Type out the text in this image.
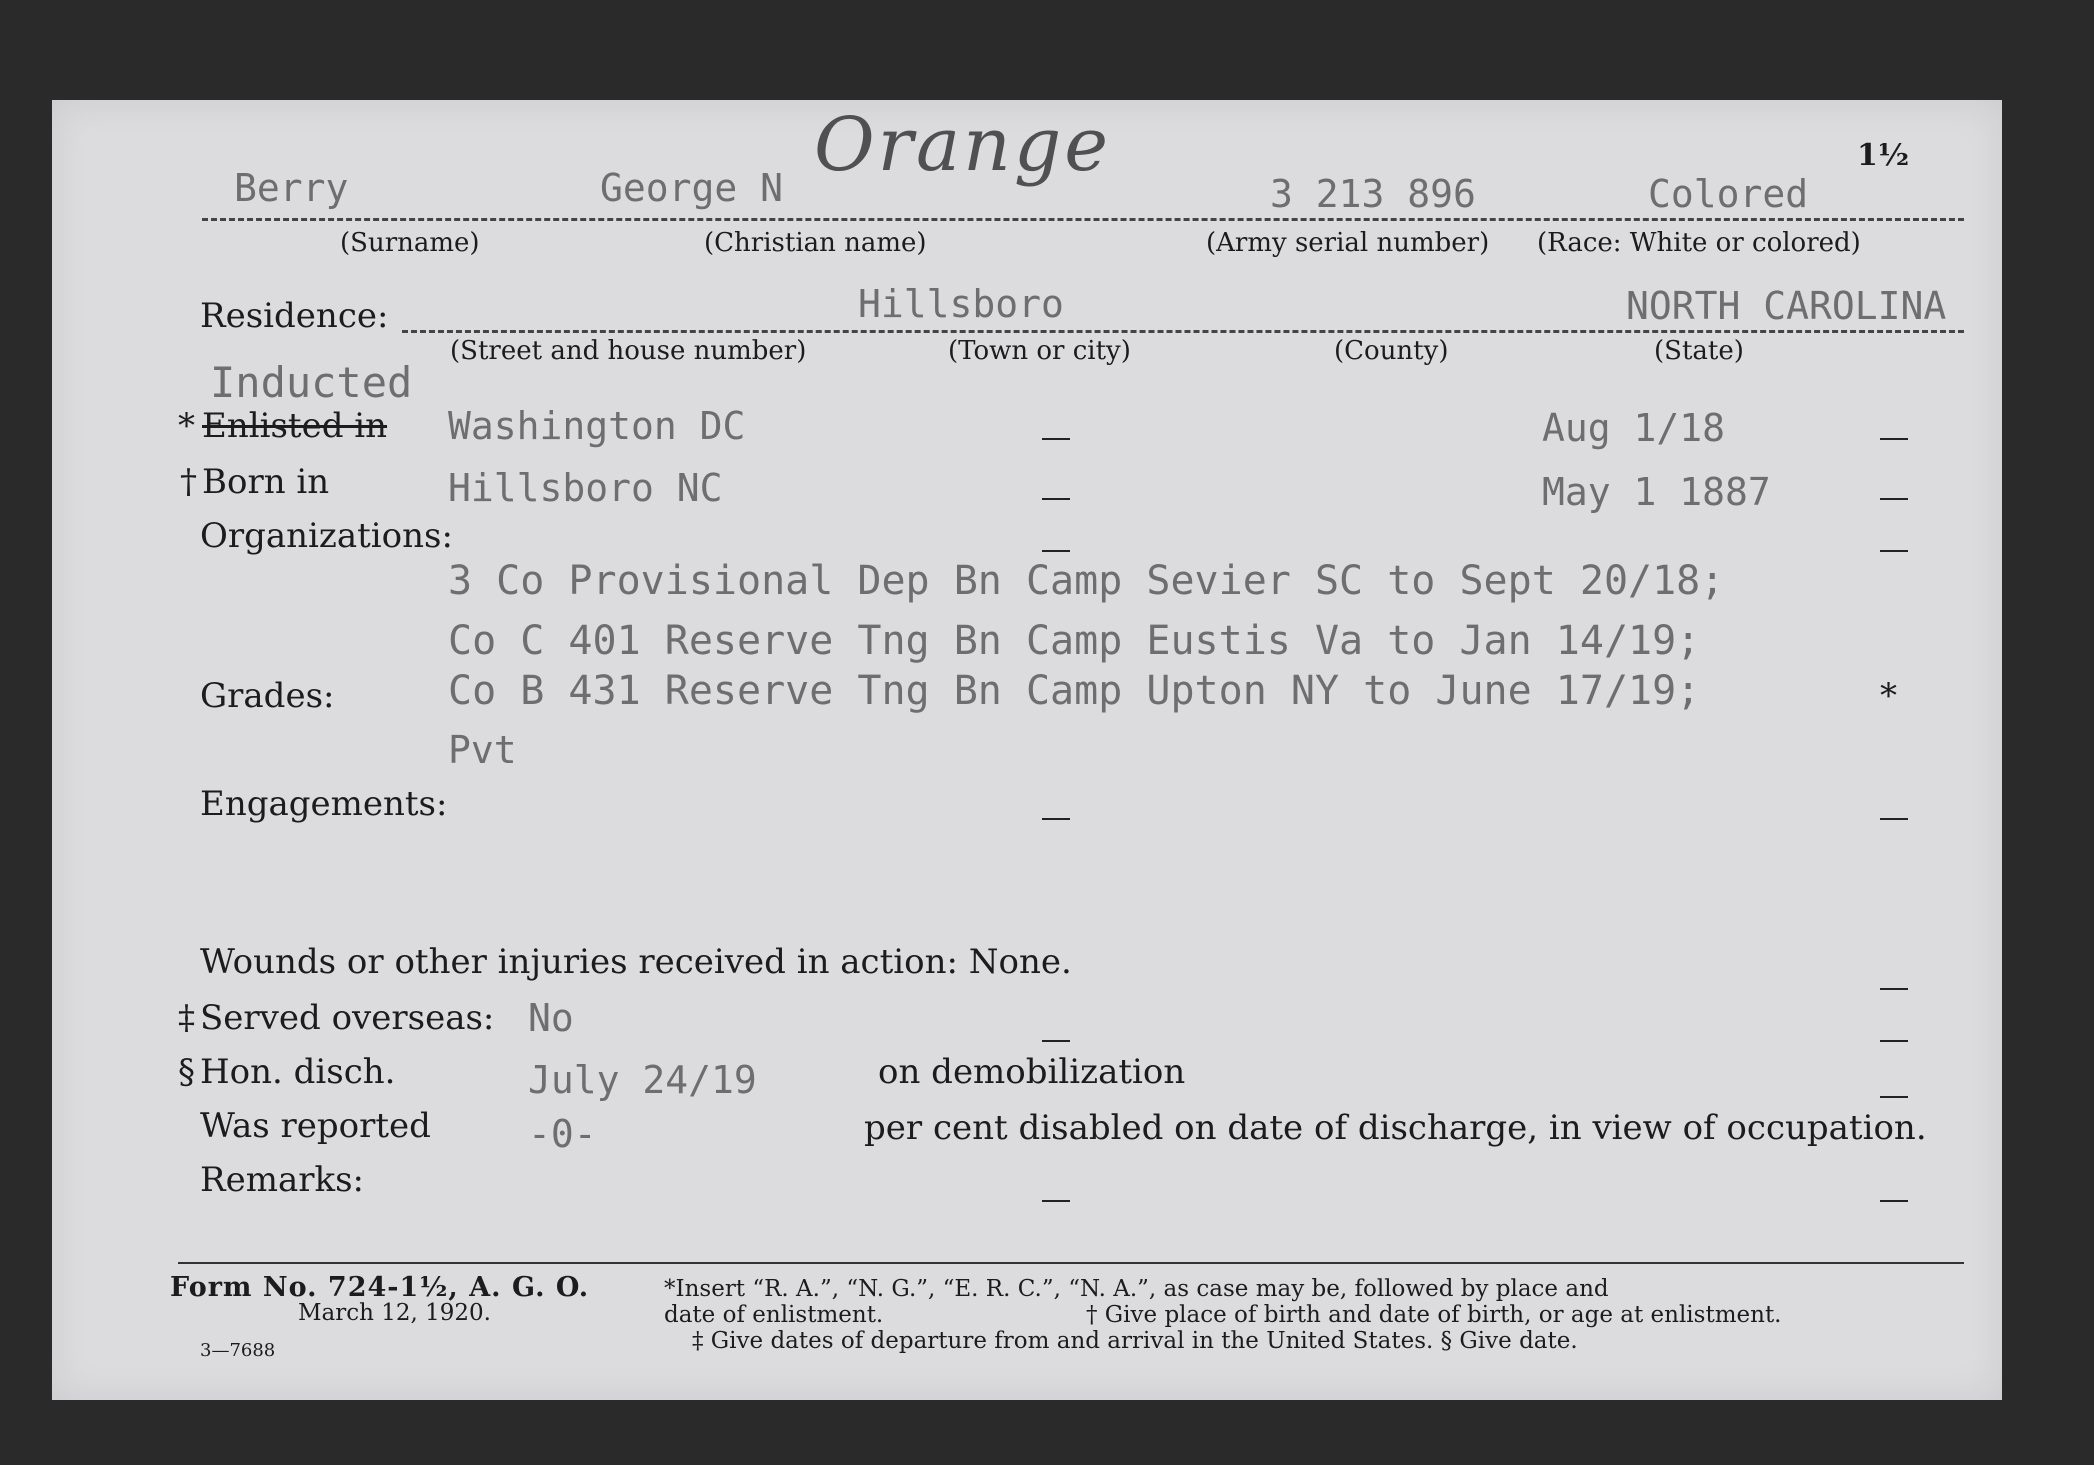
Berry	George N Orange
3 213 896	Colored
1½
(Surname)	(Christian name)	(Army serial number) (Race: White or colored)
Residence:	Hillsboro	NORTH CAROLINA
(Street and house number)	(Town or city)	(County)	(State)
Inducted
* Enlisted in Washington DC	Aug 1/18
† Born in	Hillsboro NC	May 1 1887
Organizations:
3 Co Provisional Dep Bn Camp Sevier SC to Sept 20/18;
Co C 401 Reserve Tng Bn Camp Eustis Va to Jan 14/19;
Co B 431 Reserve Tng Bn Camp Upton NY to June 17/19;	*
Grades:
Pvt
Engagements:
Wounds or other injuries received in action: None.
‡ Served overseas: No
§ Hon. disch.	July 24/19	on demobilization
Was reported	-0-	per cent disabled on date of discharge, in view of occupation.
Remarks:
Form No. 724-1½, A. G. O.
March 12, 1920.
3—7688
*Insert “R. A.”, “N. G.”, “E. R. C.”, “N. A.”, as case may be, followed by place and
date of enlistment.	† Give place of birth and date of birth, or age at enlistment.
‡ Give dates of departure from and arrival in the United States. § Give date.
